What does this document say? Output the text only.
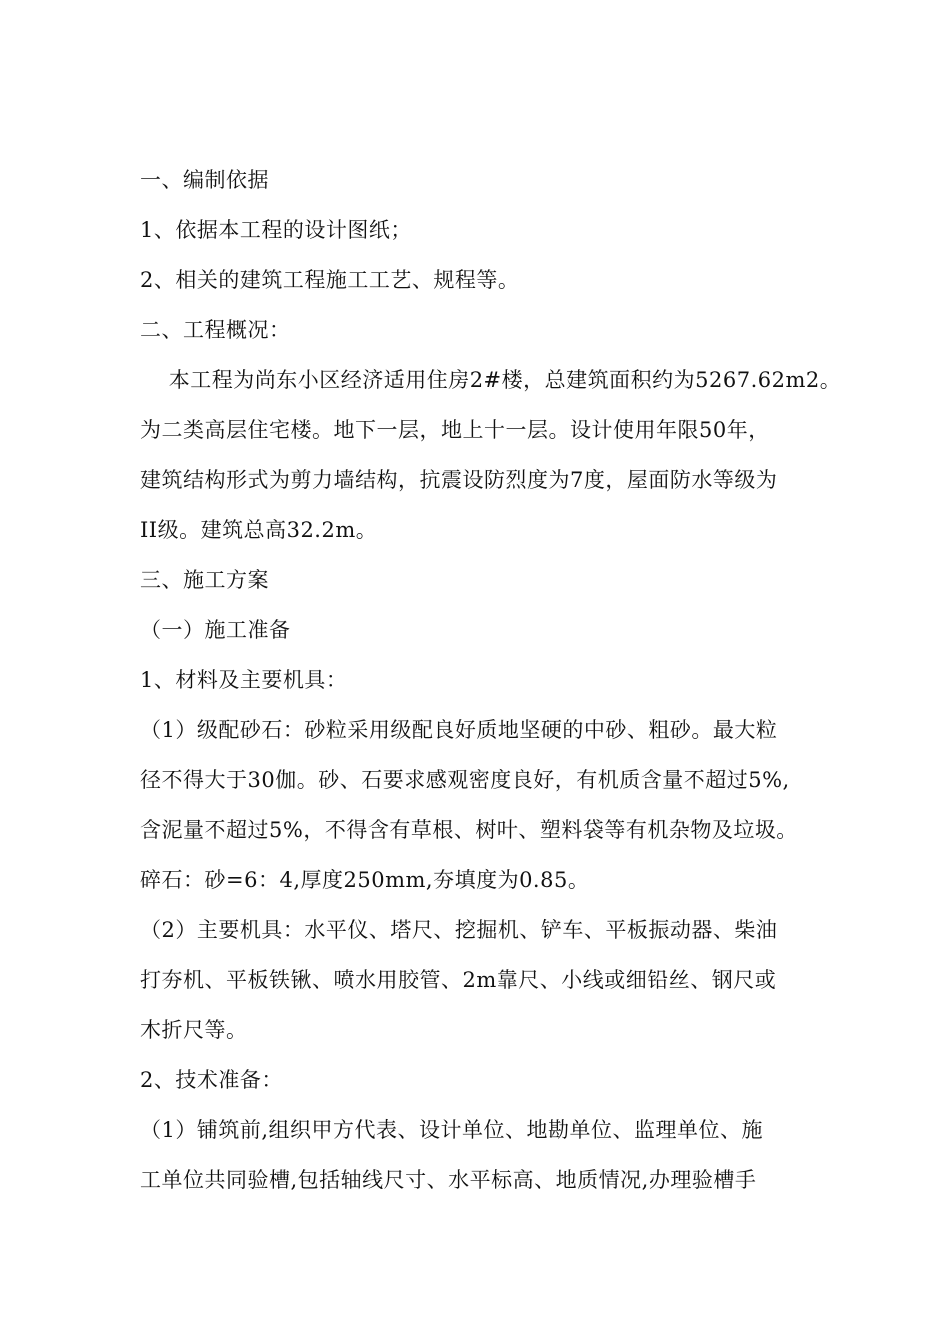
一、编制依据
1、依据本工程的设计图纸；
2、相关的建筑工程施工工艺、规程等。
二、工程概况：
本工程为尚东小区经济适用住房2#楼，总建筑面积约为5267.62m2。
为二类高层住宅楼。地下一层，地上十一层。设计使用年限50年，
建筑结构形式为剪力墙结构，抗震设防烈度为7度，屋面防水等级为
II级。建筑总高32.2m。
三、施工方案
（一）施工准备
1、材料及主要机具：
（1）级配砂石：砂粒采用级配良好质地坚硬的中砂、粗砂。最大粒
径不得大于30伽。砂、石要求感观密度良好，有机质含量不超过5%,
含泥量不超过5%，不得含有草根、树叶、塑料袋等有机杂物及垃圾。
碎石：砂=6：4,厚度250mm,夯填度为0.85。
（2）主要机具：水平仪、塔尺、挖掘机、铲车、平板振动器、柴油
打夯机、平板铁锹、喷水用胶管、2m靠尺、小线或细铅丝、钢尺或
木折尺等。
2、技术准备：
（1）铺筑前,组织甲方代表、设计单位、地勘单位、监理单位、施
工单位共同验槽,包括轴线尺寸、水平标高、地质情况,办理验槽手
